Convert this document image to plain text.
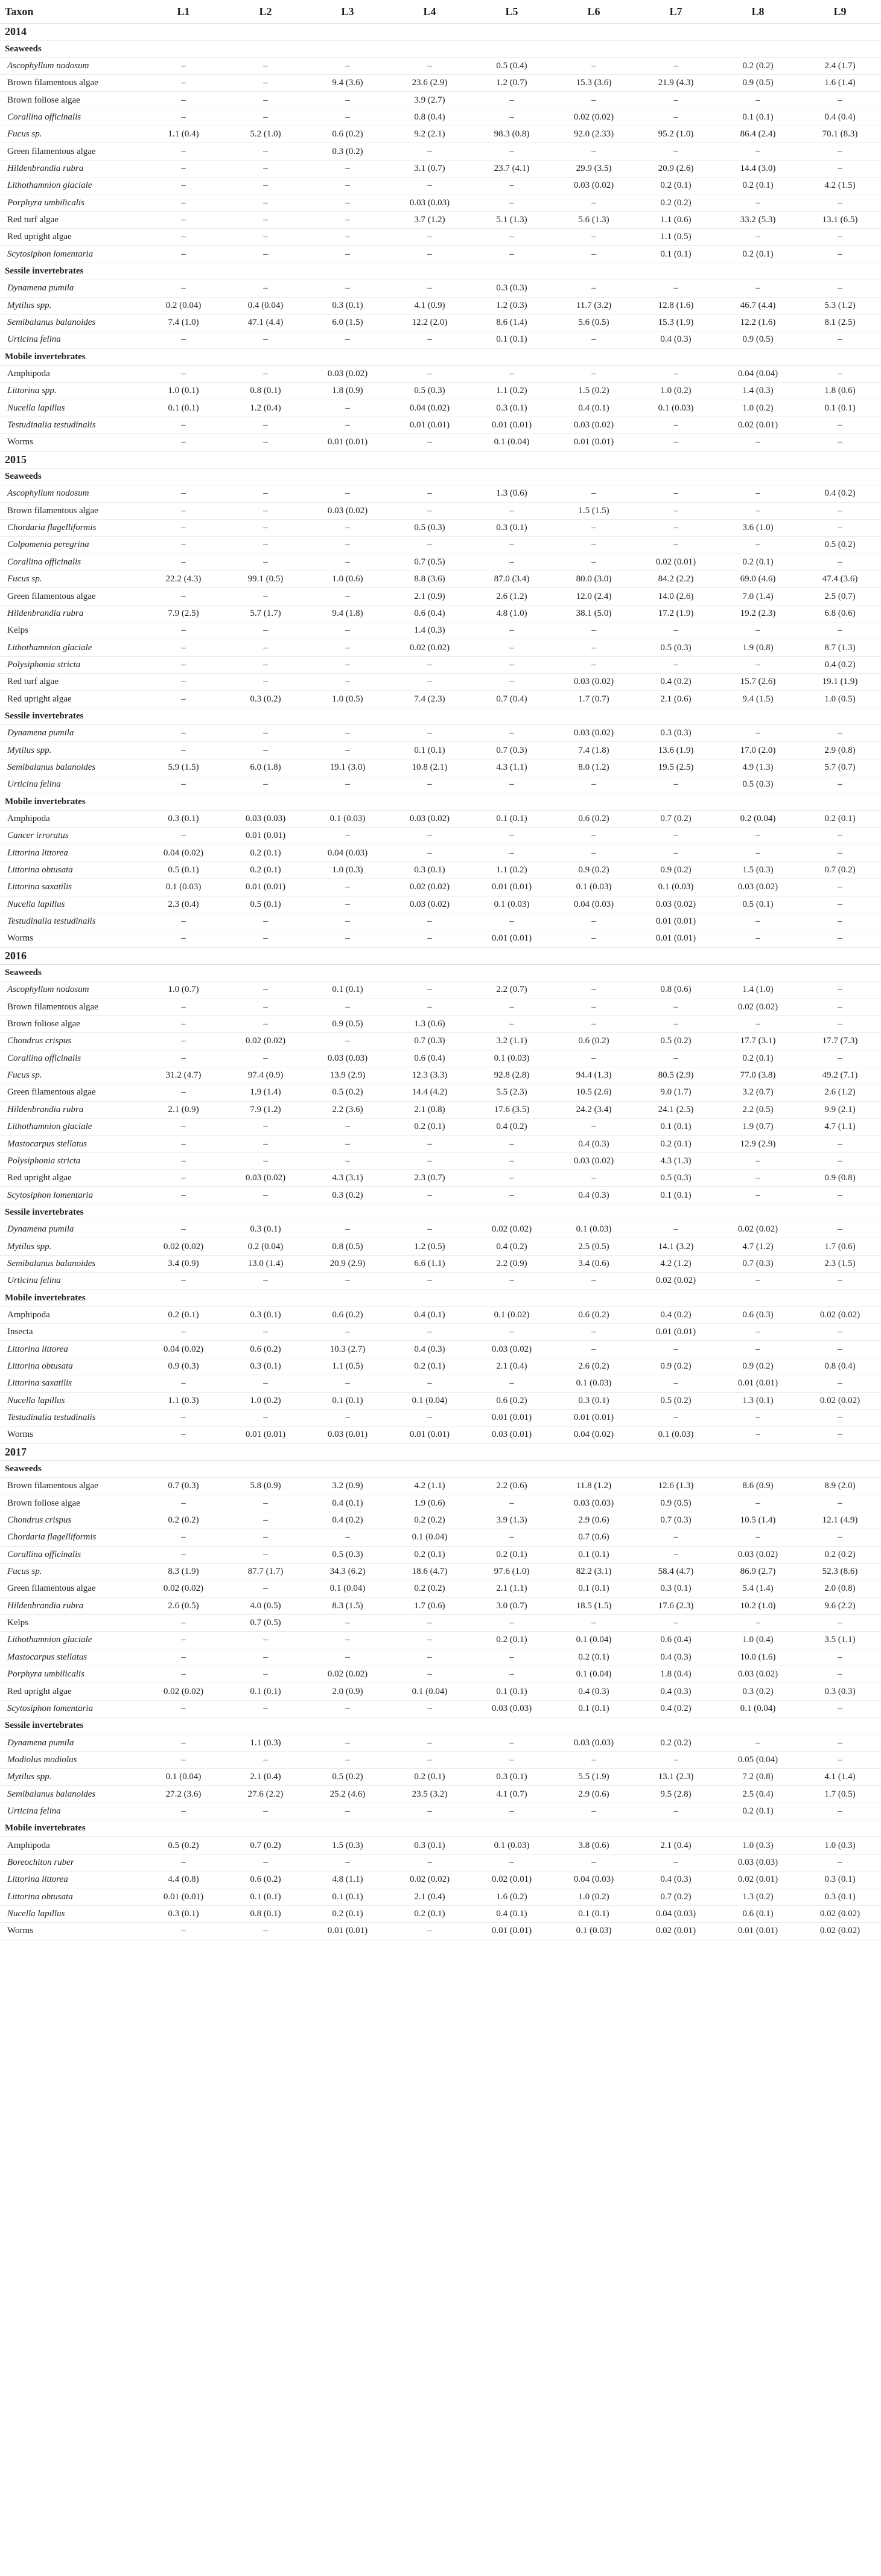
Taxon	L1	L2	L3	L4	L5	L6	L7	L8	L9
2014									
Seaweeds									
Ascophyllum nodosum	–	–	–	–	0.5 (0.4)	–	–	0.2 (0.2)	2.4 (1.7)
Brown filamentous algae	–	–	9.4 (3.6)	23.6 (2.9)	1.2 (0.7)	15.3 (3.6)	21.9 (4.3)	0.9 (0.5)	1.6 (1.4)
Brown foliose algae	–	–	–	3.9 (2.7)	–	–	–	–	–
Corallina officinalis	–	–	–	0.8 (0.4)	–	0.02 (0.02)	–	0.1 (0.1)	0.4 (0.4)
Fucus sp.	1.1 (0.4)	5.2 (1.0)	0.6 (0.2)	9.2 (2.1)	98.3 (0.8)	92.0 (2.33)	95.2 (1.0)	86.4 (2.4)	70.1 (8.3)
Green filamentous algae	–	–	0.3 (0.2)	–	–	–	–	–	–
Hildenbrandia rubra	–	–	–	3.1 (0.7)	23.7 (4.1)	29.9 (3.5)	20.9 (2.6)	14.4 (3.0)	–
Lithothamnion glaciale	–	–	–	–	–	0.03 (0.02)	0.2 (0.1)	0.2 (0.1)	4.2 (1.5)
Porphyra umbilicalis	–	–	–	0.03 (0.03)	–	–	0.2 (0.2)	–	–
Red turf algae	–	–	–	3.7 (1.2)	5.1 (1.3)	5.6 (1.3)	1.1 (0.6)	33.2 (5.3)	13.1 (6.5)
Red upright algae	–	–	–	–	–	–	1.1 (0.5)	–	–
Scytosiphon lomentaria	–	–	–	–	–	–	0.1 (0.1)	0.2 (0.1)	–
Sessile invertebrates									
Dynamena pumila	–	–	–	–	0.3 (0.3)	–	–	–	–
Mytilus spp.	0.2 (0.04)	0.4 (0.04)	0.3 (0.1)	4.1 (0.9)	1.2 (0.3)	11.7 (3.2)	12.8 (1.6)	46.7 (4.4)	5.3 (1.2)
Semibalanus balanoides	7.4 (1.0)	47.1 (4.4)	6.0 (1.5)	12.2 (2.0)	8.6 (1.4)	5.6 (0.5)	15.3 (1.9)	12.2 (1.6)	8.1 (2.5)
Urticina felina	–	–	–	–	0.1 (0.1)	–	0.4 (0.3)	0.9 (0.5)	–
Mobile invertebrates									
Amphipoda	–	–	0.03 (0.02)	–	–	–	–	0.04 (0.04)	–
Littorina spp.	1.0 (0.1)	0.8 (0.1)	1.8 (0.9)	0.5 (0.3)	1.1 (0.2)	1.5 (0.2)	1.0 (0.2)	1.4 (0.3)	1.8 (0.6)
Nucella lapillus	0.1 (0.1)	1.2 (0.4)	–	0.04 (0.02)	0.3 (0.1)	0.4 (0.1)	0.1 (0.03)	1.0 (0.2)	0.1 (0.1)
Testudinalia testudinalis	–	–	–	0.01 (0.01)	0.01 (0.01)	0.03 (0.02)	–	0.02 (0.01)	–
Worms	–	–	0.01 (0.01)	–	0.1 (0.04)	0.01 (0.01)	–	–	–
2015									
Seaweeds									
Ascophyllum nodosum	–	–	–	–	1.3 (0.6)	–	–	–	0.4 (0.2)
Brown filamentous algae	–	–	0.03 (0.02)	–	–	1.5 (1.5)	–	–	–
Chordaria flagelliformis	–	–	–	0.5 (0.3)	0.3 (0.1)	–	–	3.6 (1.0)	–
Colpomenia peregrina	–	–	–	–	–	–	–	–	0.5 (0.2)
Corallina officinalis	–	–	–	0.7 (0.5)	–	–	0.02 (0.01)	0.2 (0.1)	–
Fucus sp.	22.2 (4.3)	99.1 (0.5)	1.0 (0.6)	8.8 (3.6)	87.0 (3.4)	80.0 (3.0)	84.2 (2.2)	69.0 (4.6)	47.4 (3.6)
Green filamentous algae	–	–	–	2.1 (0.9)	2.6 (1.2)	12.0 (2.4)	14.0 (2.6)	7.0 (1.4)	2.5 (0.7)
Hildenbrandia rubra	7.9 (2.5)	5.7 (1.7)	9.4 (1.8)	0.6 (0.4)	4.8 (1.0)	38.1 (5.0)	17.2 (1.9)	19.2 (2.3)	6.8 (0.6)
Kelps	–	–	–	1.4 (0.3)	–	–	–	–	–
Lithothamnion glaciale	–	–	–	0.02 (0.02)	–	–	0.5 (0.3)	1.9 (0.8)	8.7 (1.3)
Polysiphonia stricta	–	–	–	–	–	–	–	–	0.4 (0.2)
Red turf algae	–	–	–	–	–	0.03 (0.02)	0.4 (0.2)	15.7 (2.6)	19.1 (1.9)
Red upright algae	–	0.3 (0.2)	1.0 (0.5)	7.4 (2.3)	0.7 (0.4)	1.7 (0.7)	2.1 (0.6)	9.4 (1.5)	1.0 (0.5)
Sessile invertebrates									
Dynamena pumila	–	–	–	–	–	0.03 (0.02)	0.3 (0.3)	–	–
Mytilus spp.	–	–	–	0.1 (0.1)	0.7 (0.3)	7.4 (1.8)	13.6 (1.9)	17.0 (2.0)	2.9 (0.8)
Semibalanus balanoides	5.9 (1.5)	6.0 (1.8)	19.1 (3.0)	10.8 (2.1)	4.3 (1.1)	8.0 (1.2)	19.5 (2.5)	4.9 (1.3)	5.7 (0.7)
Urticina felina	–	–	–	–	–	–	–	0.5 (0.3)	–
Mobile invertebrates									
Amphipoda	0.3 (0.1)	0.03 (0.03)	0.1 (0.03)	0.03 (0.02)	0.1 (0.1)	0.6 (0.2)	0.7 (0.2)	0.2 (0.04)	0.2 (0.1)
Cancer irroratus	–	0.01 (0.01)	–	–	–	–	–	–	–
Littorina littorea	0.04 (0.02)	0.2 (0.1)	0.04 (0.03)	–	–	–	–	–	–
Littorina obtusata	0.5 (0.1)	0.2 (0.1)	1.0 (0.3)	0.3 (0.1)	1.1 (0.2)	0.9 (0.2)	0.9 (0.2)	1.5 (0.3)	0.7 (0.2)
Littorina saxatilis	0.1 (0.03)	0.01 (0.01)	–	0.02 (0.02)	0.01 (0.01)	0.1 (0.03)	0.1 (0.03)	0.03 (0.02)	–
Nucella lapillus	2.3 (0.4)	0.5 (0.1)	–	0.03 (0.02)	0.1 (0.03)	0.04 (0.03)	0.03 (0.02)	0.5 (0.1)	–
Testudinalia testudinalis	–	–	–	–	–	–	0.01 (0.01)	–	–
Worms	–	–	–	–	0.01 (0.01)	–	0.01 (0.01)	–	–
2016									
Seaweeds									
Ascophyllum nodosum	1.0 (0.7)	–	0.1 (0.1)	–	2.2 (0.7)	–	0.8 (0.6)	1.4 (1.0)	–
Brown filamentous algae	–	–	–	–	–	–	–	0.02 (0.02)	–
Brown foliose algae	–	–	0.9 (0.5)	1.3 (0.6)	–	–	–	–	–
Chondrus crispus	–	0.02 (0.02)	–	0.7 (0.3)	3.2 (1.1)	0.6 (0.2)	0.5 (0.2)	17.7 (3.1)	17.7 (7.3)
Corallina officinalis	–	–	0.03 (0.03)	0.6 (0.4)	0.1 (0.03)	–	–	0.2 (0.1)	–
Fucus sp.	31.2 (4.7)	97.4 (0.9)	13.9 (2.9)	12.3 (3.3)	92.8 (2.8)	94.4 (1.3)	80.5 (2.9)	77.0 (3.8)	49.2 (7.1)
Green filamentous algae	–	1.9 (1.4)	0.5 (0.2)	14.4 (4.2)	5.5 (2.3)	10.5 (2.6)	9.0 (1.7)	3.2 (0.7)	2.6 (1.2)
Hildenbrandia rubra	2.1 (0.9)	7.9 (1.2)	2.2 (3.6)	2.1 (0.8)	17.6 (3.5)	24.2 (3.4)	24.1 (2.5)	2.2 (0.5)	9.9 (2.1)
Lithothamnion glaciale	–	–	–	0.2 (0.1)	0.4 (0.2)	–	0.1 (0.1)	1.9 (0.7)	4.7 (1.1)
Mastocarpus stellatus	–	–	–	–	–	0.4 (0.3)	0.2 (0.1)	12.9 (2.9)	–
Polysiphonia stricta	–	–	–	–	–	0.03 (0.02)	4.3 (1.3)	–	–
Red upright algae	–	0.03 (0.02)	4.3 (3.1)	2.3 (0.7)	–	–	0.5 (0.3)	–	0.9 (0.8)
Scytosiphon lomentaria	–	–	0.3 (0.2)	–	–	0.4 (0.3)	0.1 (0.1)	–	–
Sessile invertebrates									
Dynamena pumila	–	0.3 (0.1)	–	–	0.02 (0.02)	0.1 (0.03)	–	0.02 (0.02)	–
Mytilus spp.	0.02 (0.02)	0.2 (0.04)	0.8 (0.5)	1.2 (0.5)	0.4 (0.2)	2.5 (0.5)	14.1 (3.2)	4.7 (1.2)	1.7 (0.6)
Semibalanus balanoides	3.4 (0.9)	13.0 (1.4)	20.9 (2.9)	6.6 (1.1)	2.2 (0.9)	3.4 (0.6)	4.2 (1.2)	0.7 (0.3)	2.3 (1.5)
Urticina felina	–	–	–	–	–	–	0.02 (0.02)	–	–
Mobile invertebrates									
Amphipoda	0.2 (0.1)	0.3 (0.1)	0.6 (0.2)	0.4 (0.1)	0.1 (0.02)	0.6 (0.2)	0.4 (0.2)	0.6 (0.3)	0.02 (0.02)
Insecta	–	–	–	–	–	–	0.01 (0.01)	–	–
Littorina littorea	0.04 (0.02)	0.6 (0.2)	10.3 (2.7)	0.4 (0.3)	0.03 (0.02)	–	–	–	–
Littorina obtusata	0.9 (0.3)	0.3 (0.1)	1.1 (0.5)	0.2 (0.1)	2.1 (0.4)	2.6 (0.2)	0.9 (0.2)	0.9 (0.2)	0.8 (0.4)
Littorina saxatilis	–	–	–	–	–	0.1 (0.03)	–	0.01 (0.01)	–
Nucella lapillus	1.1 (0.3)	1.0 (0.2)	0.1 (0.1)	0.1 (0.04)	0.6 (0.2)	0.3 (0.1)	0.5 (0.2)	1.3 (0.1)	0.02 (0.02)
Testudinalia testudinalis	–	–	–	–	0.01 (0.01)	0.01 (0.01)	–	–	–
Worms	–	0.01 (0.01)	0.03 (0.01)	0.01 (0.01)	0.03 (0.01)	0.04 (0.02)	0.1 (0.03)	–	–
2017									
Seaweeds									
Brown filamentous algae	0.7 (0.3)	5.8 (0.9)	3.2 (0.9)	4.2 (1.1)	2.2 (0.6)	11.8 (1.2)	12.6 (1.3)	8.6 (0.9)	8.9 (2.0)
Brown foliose algae	–	–	0.4 (0.1)	1.9 (0.6)	–	0.03 (0.03)	0.9 (0.5)	–	–
Chondrus crispus	0.2 (0.2)	–	0.4 (0.2)	0.2 (0.2)	3.9 (1.3)	2.9 (0.6)	0.7 (0.3)	10.5 (1.4)	12.1 (4.9)
Chordaria flagelliformis	–	–	–	0.1 (0.04)	–	0.7 (0.6)	–	–	–
Corallina officinalis	–	–	0.5 (0.3)	0.2 (0.1)	0.2 (0.1)	0.1 (0.1)	–	0.03 (0.02)	0.2 (0.2)
Fucus sp.	8.3 (1.9)	87.7 (1.7)	34.3 (6.2)	18.6 (4.7)	97.6 (1.0)	82.2 (3.1)	58.4 (4.7)	86.9 (2.7)	52.3 (8.6)
Green filamentous algae	0.02 (0.02)	–	0.1 (0.04)	0.2 (0.2)	2.1 (1.1)	0.1 (0.1)	0.3 (0.1)	5.4 (1.4)	2.0 (0.8)
Hildenbrandia rubra	2.6 (0.5)	4.0 (0.5)	8.3 (1.5)	1.7 (0.6)	3.0 (0.7)	18.5 (1.5)	17.6 (2.3)	10.2 (1.0)	9.6 (2.2)
Kelps	–	0.7 (0.5)	–	–	–	–	–	–	–
Lithothamnion glaciale	–	–	–	–	0.2 (0.1)	0.1 (0.04)	0.6 (0.4)	1.0 (0.4)	3.5 (1.1)
Mastocarpus stellatus	–	–	–	–	–	0.2 (0.1)	0.4 (0.3)	10.0 (1.6)	–
Porphyra umbilicalis	–	–	0.02 (0.02)	–	–	0.1 (0.04)	1.8 (0.4)	0.03 (0.02)	–
Red upright algae	0.02 (0.02)	0.1 (0.1)	2.0 (0.9)	0.1 (0.04)	0.1 (0.1)	0.4 (0.3)	0.4 (0.3)	0.3 (0.2)	0.3 (0.3)
Scytosiphon lomentaria	–	–	–	–	0.03 (0.03)	0.1 (0.1)	0.4 (0.2)	0.1 (0.04)	–
Sessile invertebrates									
Dynamena pumila	–	1.1 (0.3)	–	–	–	0.03 (0.03)	0.2 (0.2)	–	–
Modiolus modiolus	–	–	–	–	–	–	–	0.05 (0.04)	–
Mytilus spp.	0.1 (0.04)	2.1 (0.4)	0.5 (0.2)	0.2 (0.1)	0.3 (0.1)	5.5 (1.9)	13.1 (2.3)	7.2 (0.8)	4.1 (1.4)
Semibalanus balanoides	27.2 (3.6)	27.6 (2.2)	25.2 (4.6)	23.5 (3.2)	4.1 (0.7)	2.9 (0.6)	9.5 (2.8)	2.5 (0.4)	1.7 (0.5)
Urticina felina	–	–	–	–	–	–	–	0.2 (0.1)	–
Mobile invertebrates									
Amphipoda	0.5 (0.2)	0.7 (0.2)	1.5 (0.3)	0.3 (0.1)	0.1 (0.03)	3.8 (0.6)	2.1 (0.4)	1.0 (0.3)	1.0 (0.3)
Boreochiton ruber	–	–	–	–	–	–	–	0.03 (0.03)	–
Littorina littorea	4.4 (0.8)	0.6 (0.2)	4.8 (1.1)	0.02 (0.02)	0.02 (0.01)	0.04 (0.03)	0.4 (0.3)	0.02 (0.01)	0.3 (0.1)
Littorina obtusata	0.01 (0.01)	0.1 (0.1)	0.1 (0.1)	2.1 (0.4)	1.6 (0.2)	1.0 (0.2)	0.7 (0.2)	1.3 (0.2)	0.3 (0.1)
Nucella lapillus	0.3 (0.1)	0.8 (0.1)	0.2 (0.1)	0.2 (0.1)	0.4 (0.1)	0.1 (0.1)	0.04 (0.03)	0.6 (0.1)	0.02 (0.02)
Worms	–	–	0.01 (0.01)	–	0.01 (0.01)	0.1 (0.03)	0.02 (0.01)	0.01 (0.01)	0.02 (0.02)
